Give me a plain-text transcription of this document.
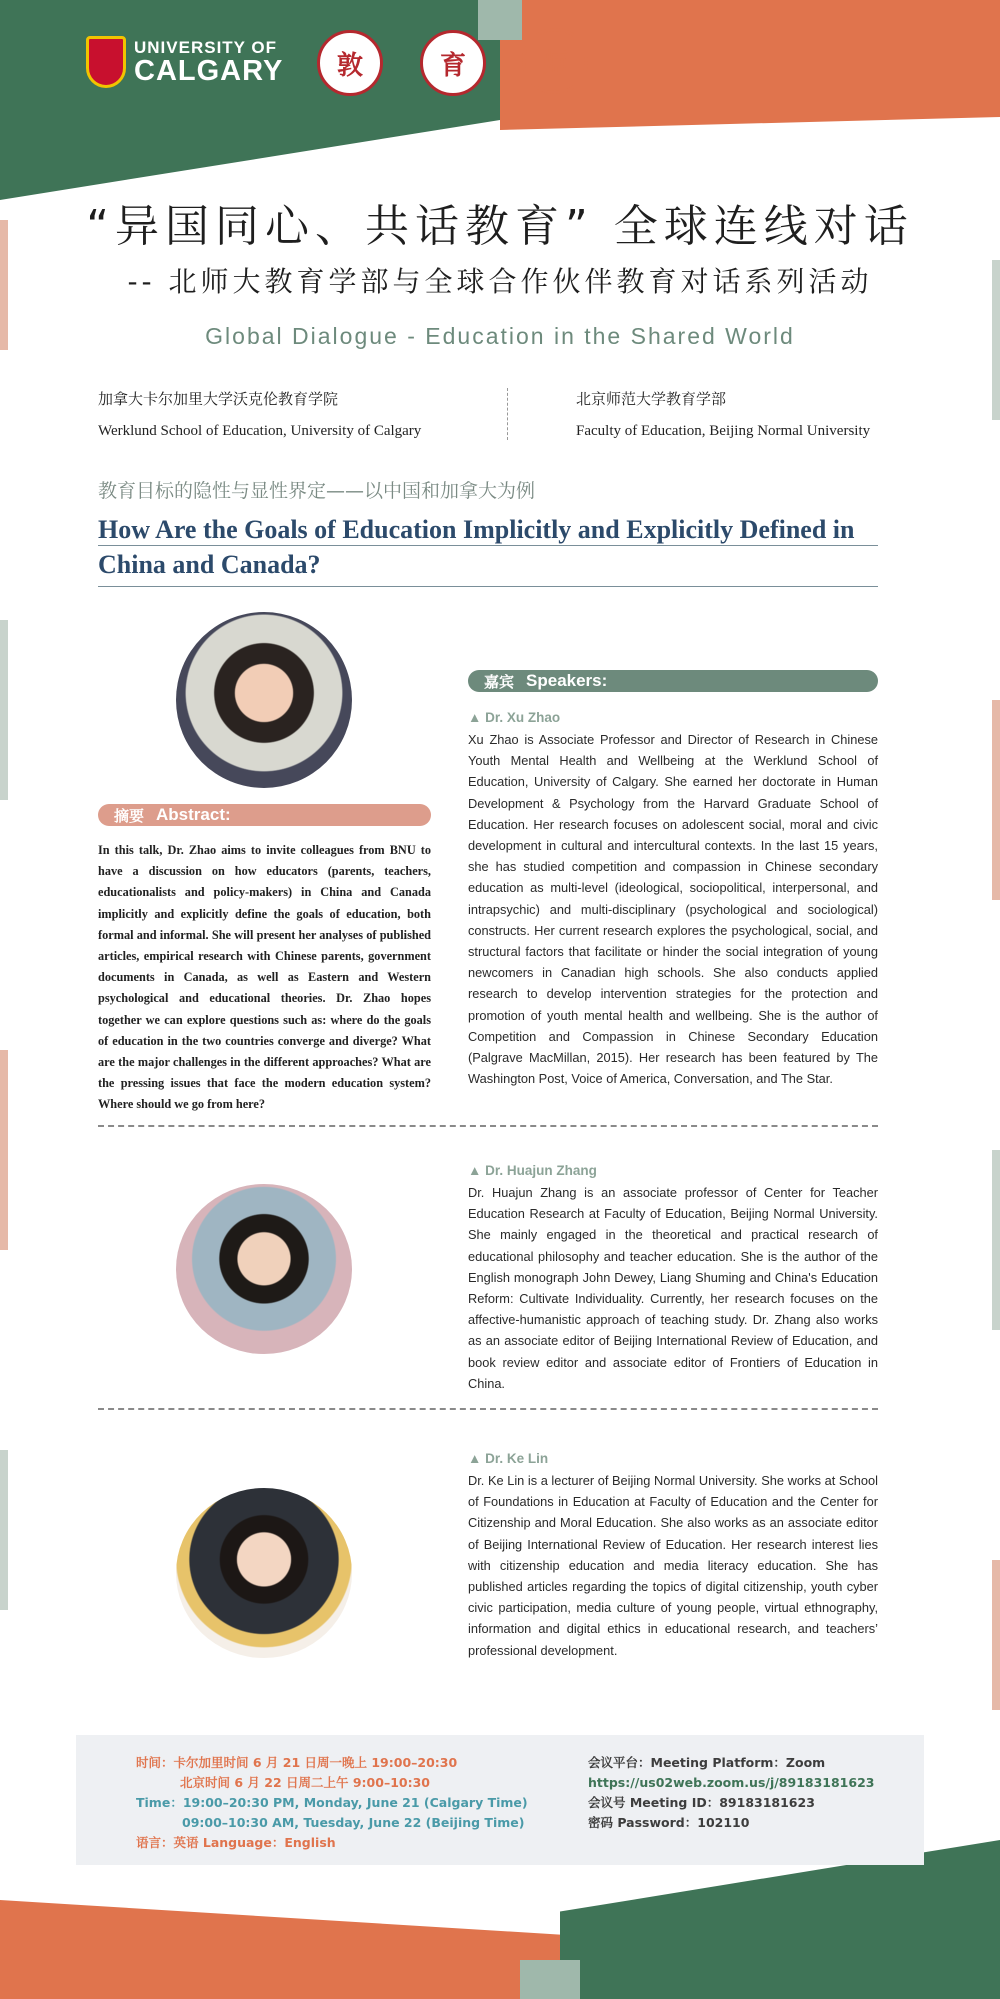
UNIVERSITY OF
CALGARY	敦	育	师
“异国同心、共话教育” 全球连线对话
-- 北师大教育学部与全球合作伙伴教育对话系列活动
Global Dialogue - Education in the Shared World
加拿大卡尔加里大学沃克伦教育学院
Werklund School of Education, University of Calgary
北京师范大学教育学部
Faculty of Education, Beijing Normal University
教育目标的隐性与显性界定——以中国和加拿大为例
How Are the Goals of Education Implicitly and Explicitly Defined in China and Canada?
摘要 Abstract:
In this talk, Dr. Zhao aims to invite colleagues from BNU to have a discussion on how educators (parents, teachers, educationalists and policy-makers) in China and Canada implicitly and explicitly define the goals of education, both formal and informal. She will present her analyses of published articles, empirical research with Chinese parents, government documents in Canada, as well as Eastern and Western psychological and educational theories. Dr. Zhao hopes together we can explore questions such as: where do the goals of education in the two countries converge and diverge? What are the major challenges in the different approaches? What are the pressing issues that face the modern education system? Where should we go from here?
嘉宾 Speakers:
▲ Dr. Xu Zhao
Xu Zhao is Associate Professor and Director of Research in Chinese Youth Mental Health and Wellbeing at the Werklund School of Education, University of Calgary. She earned her doctorate in Human Development & Psychology from the Harvard Graduate School of Education. Her research focuses on adolescent social, moral and civic development in cultural and intercultural contexts. In the last 15 years, she has studied competition and compassion in Chinese secondary education as multi-level (ideological, sociopolitical, interpersonal, and intrapsychic) and multi-disciplinary (psychological and sociological) constructs. Her current research explores the psychological, social, and structural factors that facilitate or hinder the social integration of young newcomers in Canadian high schools. She also conducts applied research to develop intervention strategies for the protection and promotion of youth mental health and wellbeing. She is the author of Competition and Compassion in Chinese Secondary Education (Palgrave MacMillan, 2015). Her research has been featured by The Washington Post, Voice of America, Conversation, and The Star.
▲ Dr. Huajun Zhang
Dr. Huajun Zhang is an associate professor of Center for Teacher Education Research at Faculty of Education, Beijing Normal University. She mainly engaged in the theoretical and practical research of educational philosophy and teacher education. She is the author of the English monograph John Dewey, Liang Shuming and China's Education Reform: Cultivate Individuality. Currently, her research focuses on the affective-humanistic approach of teaching study. Dr. Zhang also works as an associate editor of Beijing International Review of Education, and book review editor and associate editor of Frontiers of Education in China.
▲ Dr. Ke Lin
Dr. Ke Lin is a lecturer of Beijing Normal University. She works at School of Foundations in Education at Faculty of Education and the Center for Citizenship and Moral Education. She also works as an associate editor of Beijing International Review of Education. Her research interest lies with citizenship education and media literacy education. She has published articles regarding the topics of digital citizenship, youth cyber civic participation, media culture of young people, virtual ethnography, information and digital ethics in educational research, and teachers’ professional development.
时间：卡尔加里时间 6 月 21 日周一晚上 19:00–20:30
北京时间 6 月 22 日周二上午 9:00–10:30
Time：19:00–20:30 PM, Monday, June 21 (Calgary Time)
09:00–10:30 AM, Tuesday, June 22 (Beijing Time)
语言：英语 Language：English
会议平台：Meeting Platform：Zoom
https://us02web.zoom.us/j/89183181623
会议号 Meeting ID：89183181623
密码 Password：102110
